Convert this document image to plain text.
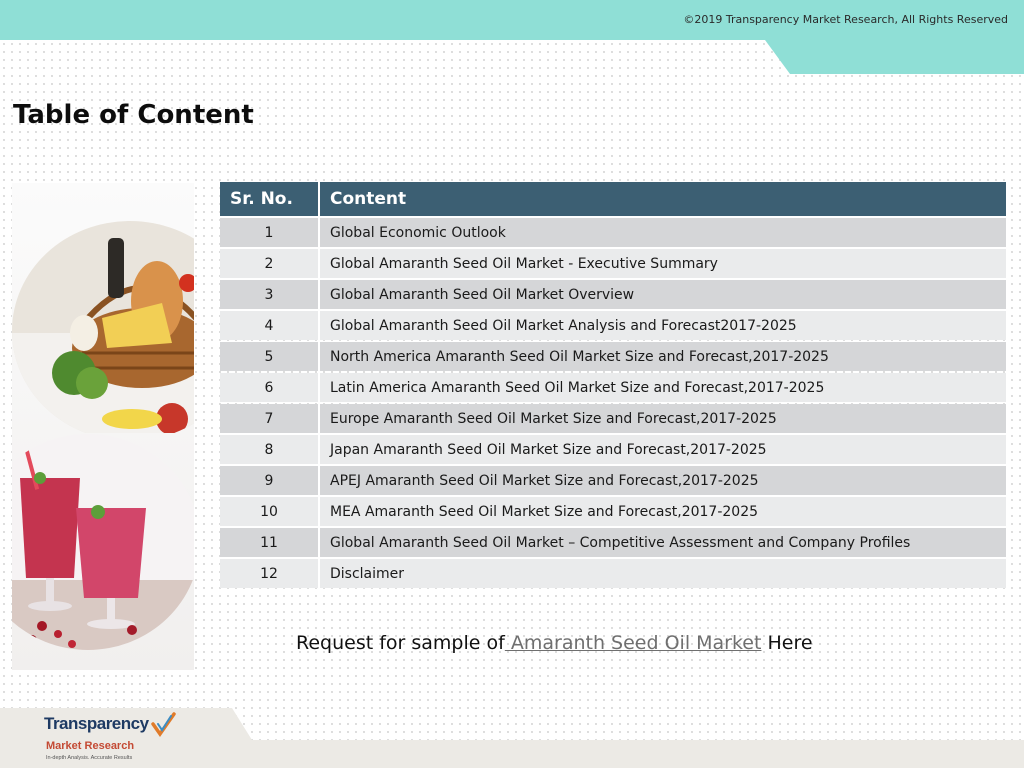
©2019 Transparency Market Research, All Rights Reserved
Table of Content
Sr. No.	Content
1	Global Economic Outlook
2	Global Amaranth Seed Oil Market - Executive Summary
3	Global Amaranth Seed Oil Market Overview
4	Global Amaranth Seed Oil Market Analysis and Forecast2017-2025
5	North America Amaranth Seed Oil Market Size and Forecast,2017-2025
6	Latin America Amaranth Seed Oil Market Size and Forecast,2017-2025
7	Europe Amaranth Seed Oil Market Size and Forecast,2017-2025
8	Japan Amaranth Seed Oil Market Size and Forecast,2017-2025
9	APEJ Amaranth Seed Oil Market Size and Forecast,2017-2025
10	MEA Amaranth Seed Oil Market Size and Forecast,2017-2025
11	Global Amaranth Seed Oil Market – Competitive Assessment and Company Profiles
12	Disclaimer
Request for sample of Amaranth Seed Oil Market Here
Transparency
Market Research
In-depth Analysis. Accurate Results
